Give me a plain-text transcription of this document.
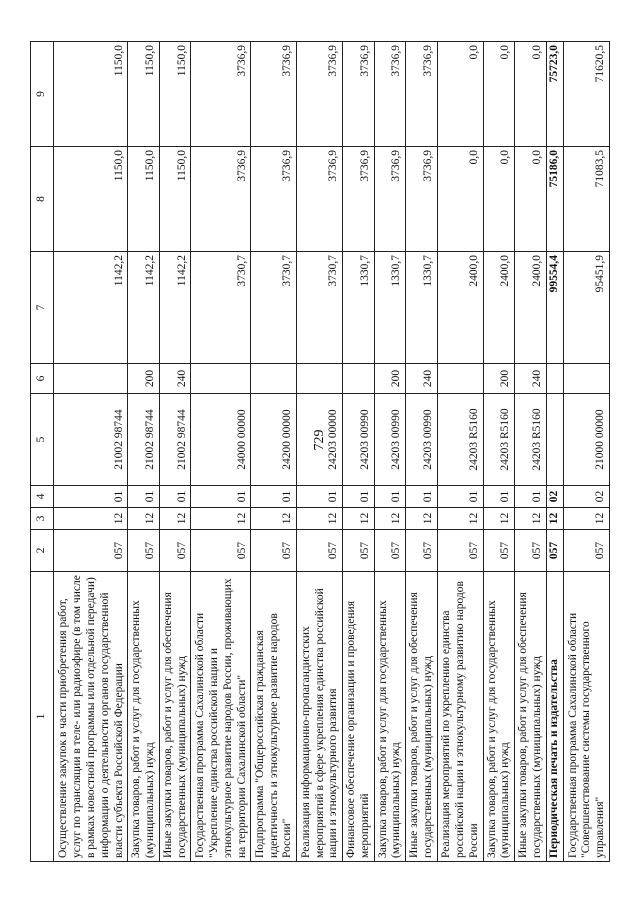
729
1	2	3	4	5	6	7	8	9
Осуществление закупок в части приобретения работ, услуг по трансляции в теле- или радиоэфире (в том числе в рамках новостной программы или отдельной передачи) информации о деятельности органов государственной власти субъекта Российской Федерации	057	12	01	21002 98744		1142,2	1150,0	1150,0
Закупка товаров, работ и услуг для государственных (муниципальных) нужд	057	12	01	21002 98744	200	1142,2	1150,0	1150,0
Иные закупки товаров, работ и услуг для обеспечения государственных (муниципальных) нужд	057	12	01	21002 98744	240	1142,2	1150,0	1150,0
Государственная программа Сахалинской области "Укрепление единства российской нации и этнокультурное развитие народов России, проживающих на территории Сахалинской области"	057	12	01	24000 00000		3730,7	3736,9	3736,9
Подпрограмма "Общероссийская гражданская идентичность и этнокультурное развитие народов России"	057	12	01	24200 00000		3730,7	3736,9	3736,9
Реализация информационно-пропагандистских мероприятий в сфере укрепления единства российской нации и этнокультурного развития	057	12	01	24203 00000		3730,7	3736,9	3736,9
Финансовое обеспечение организации и проведения мероприятий	057	12	01	24203 00990		1330,7	3736,9	3736,9
Закупка товаров, работ и услуг для государственных (муниципальных) нужд	057	12	01	24203 00990	200	1330,7	3736,9	3736,9
Иные закупки товаров, работ и услуг для обеспечения государственных (муниципальных) нужд	057	12	01	24203 00990	240	1330,7	3736,9	3736,9
Реализация мероприятий по укреплению единства российской нации и этнокультурному развитию народов России	057	12	01	24203 R5160		2400,0	0,0	0,0
Закупка товаров, работ и услуг для государственных (муниципальных) нужд	057	12	01	24203 R5160	200	2400,0	0,0	0,0
Иные закупки товаров, работ и услуг для обеспечения государственных (муниципальных) нужд	057	12	01	24203 R5160	240	2400,0	0,0	0,0
Периодическая печать и издательства	057	12	02			99554,4	75186,0	75723,0
Государственная программа Сахалинской области "Совершенствование системы государственного управления"	057	12	02	21000 00000		95451,9	71083,5	71620,5
